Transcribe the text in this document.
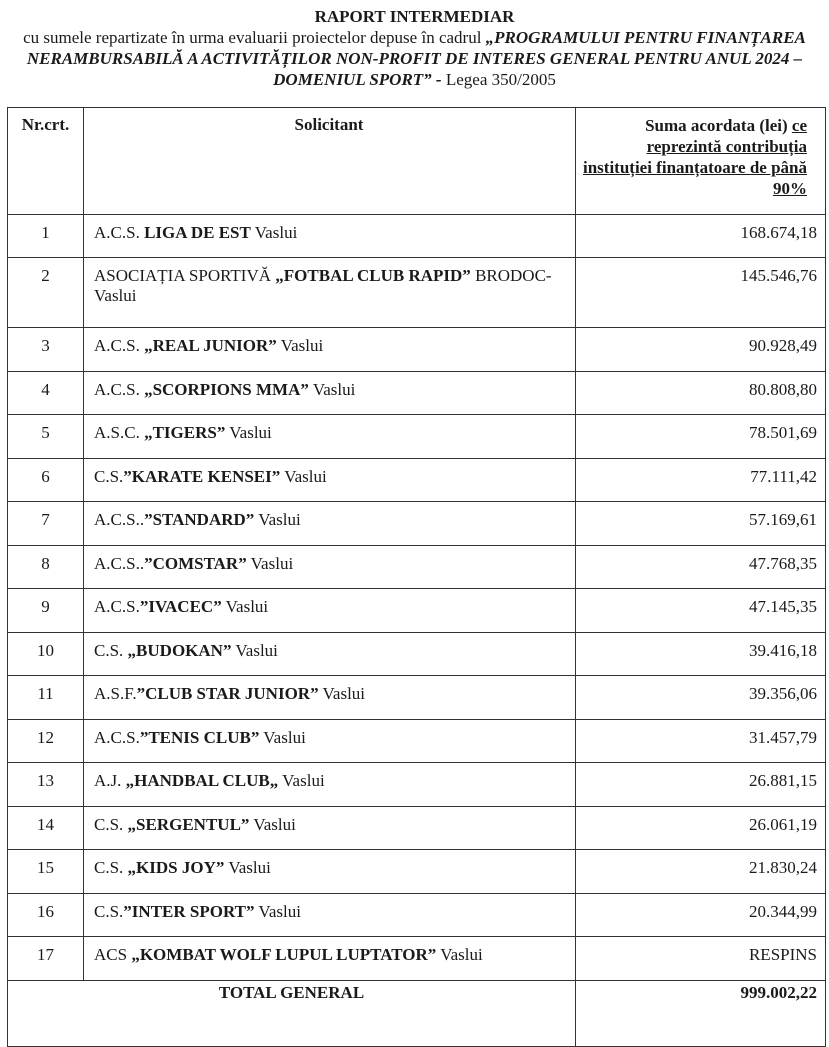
RAPORT INTERMEDIAR
cu sumele repartizate în urma evaluarii proiectelor depuse în cadrul „PROGRAMULUI PENTRU FINANȚAREA NERAMBURSABILĂ A ACTIVITĂȚILOR NON-PROFIT DE INTERES GENERAL PENTRU ANUL 2024 – DOMENIUL SPORT” - Legea 350/2005
Nr.crt.	Solicitant	Suma acordata (lei) ce reprezintă contribuția instituției finanțatoare de până 90%
1	A.C.S. LIGA DE EST Vaslui	168.674,18
2	ASOCIAȚIA SPORTIVĂ „FOTBAL CLUB RAPID” BRODOC- Vaslui	145.546,76
3	A.C.S. „REAL JUNIOR” Vaslui	90.928,49
4	A.C.S. „SCORPIONS MMA” Vaslui	80.808,80
5	A.S.C. „TIGERS” Vaslui	78.501,69
6	C.S.”KARATE KENSEI” Vaslui	77.111,42
7	A.C.S..”STANDARD” Vaslui	57.169,61
8	A.C.S..”COMSTAR” Vaslui	47.768,35
9	A.C.S.”IVACEC” Vaslui	47.145,35
10	C.S. „BUDOKAN” Vaslui	39.416,18
11	A.S.F.”CLUB STAR JUNIOR” Vaslui	39.356,06
12	A.C.S.”TENIS CLUB” Vaslui	31.457,79
13	A.J. „HANDBAL CLUB„ Vaslui	26.881,15
14	C.S. „SERGENTUL” Vaslui	26.061,19
15	C.S. „KIDS JOY” Vaslui	21.830,24
16	C.S.”INTER SPORT” Vaslui	20.344,99
17	ACS „KOMBAT WOLF LUPUL LUPTATOR” Vaslui	RESPINS
TOTAL GENERAL		999.002,22
